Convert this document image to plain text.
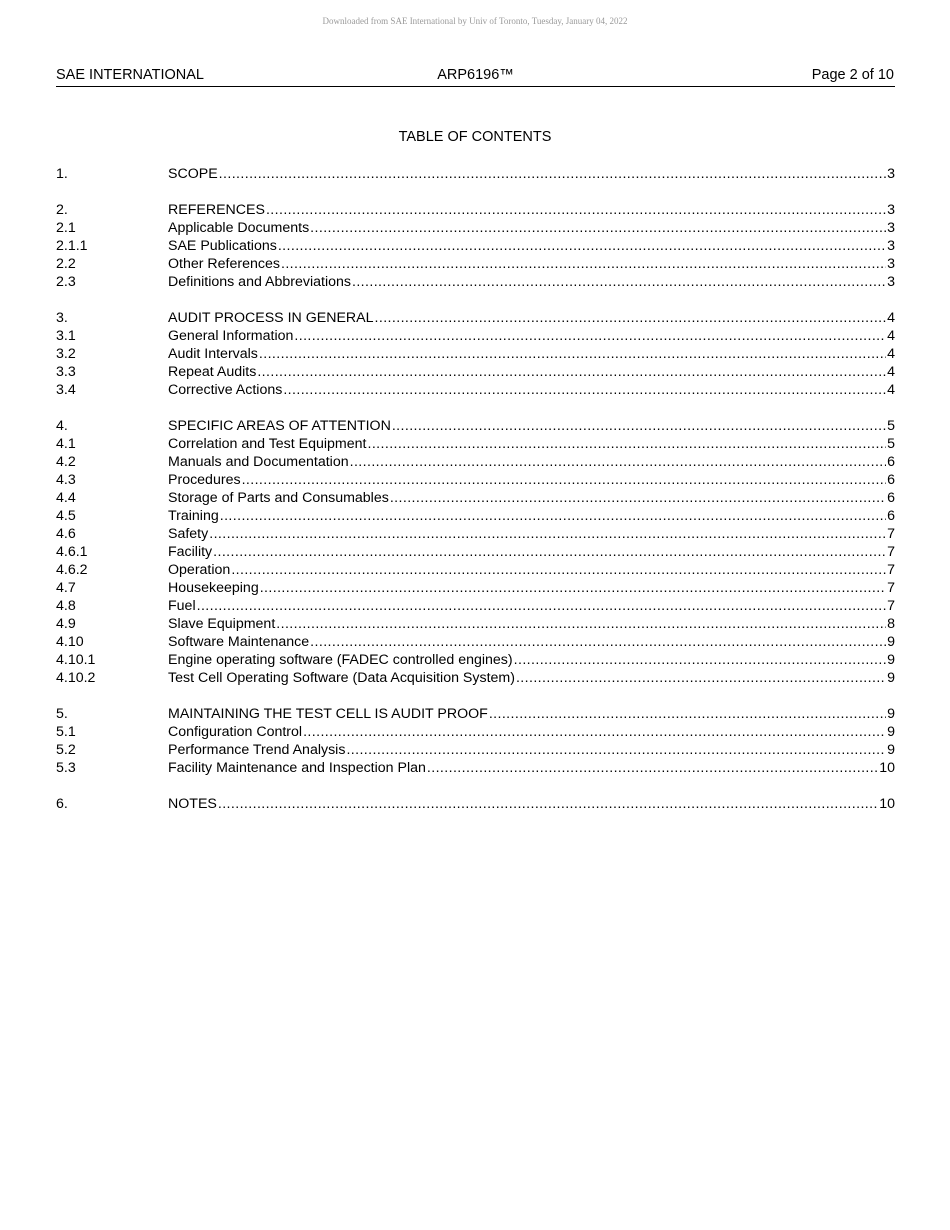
Downloaded from SAE International by Univ of Toronto, Tuesday, January 04, 2022
SAE INTERNATIONAL	ARP6196™	Page 2 of 10
TABLE OF CONTENTS
1.	SCOPE .....	3
2.	REFERENCES .....	3
2.1	Applicable Documents .....	3
2.1.1	SAE Publications .....	3
2.2	Other References .....	3
2.3	Definitions and Abbreviations .....	3
3.	AUDIT PROCESS IN GENERAL .....	4
3.1	General Information .....	4
3.2	Audit Intervals .....	4
3.3	Repeat Audits .....	4
3.4	Corrective Actions .....	4
4.	SPECIFIC AREAS OF ATTENTION .....	5
4.1	Correlation and Test Equipment .....	5
4.2	Manuals and Documentation .....	6
4.3	Procedures .....	6
4.4	Storage of Parts and Consumables .....	6
4.5	Training .....	6
4.6	Safety .....	7
4.6.1	Facility .....	7
4.6.2	Operation .....	7
4.7	Housekeeping .....	7
4.8	Fuel .....	7
4.9	Slave Equipment .....	8
4.10	Software Maintenance .....	9
4.10.1	Engine operating software (FADEC controlled engines) .....	9
4.10.2	Test Cell Operating Software (Data Acquisition System) .....	9
5.	MAINTAINING THE TEST CELL IS AUDIT PROOF .....	9
5.1	Configuration Control .....	9
5.2	Performance Trend Analysis .....	9
5.3	Facility Maintenance and Inspection Plan .....	10
6.	NOTES .....	10
